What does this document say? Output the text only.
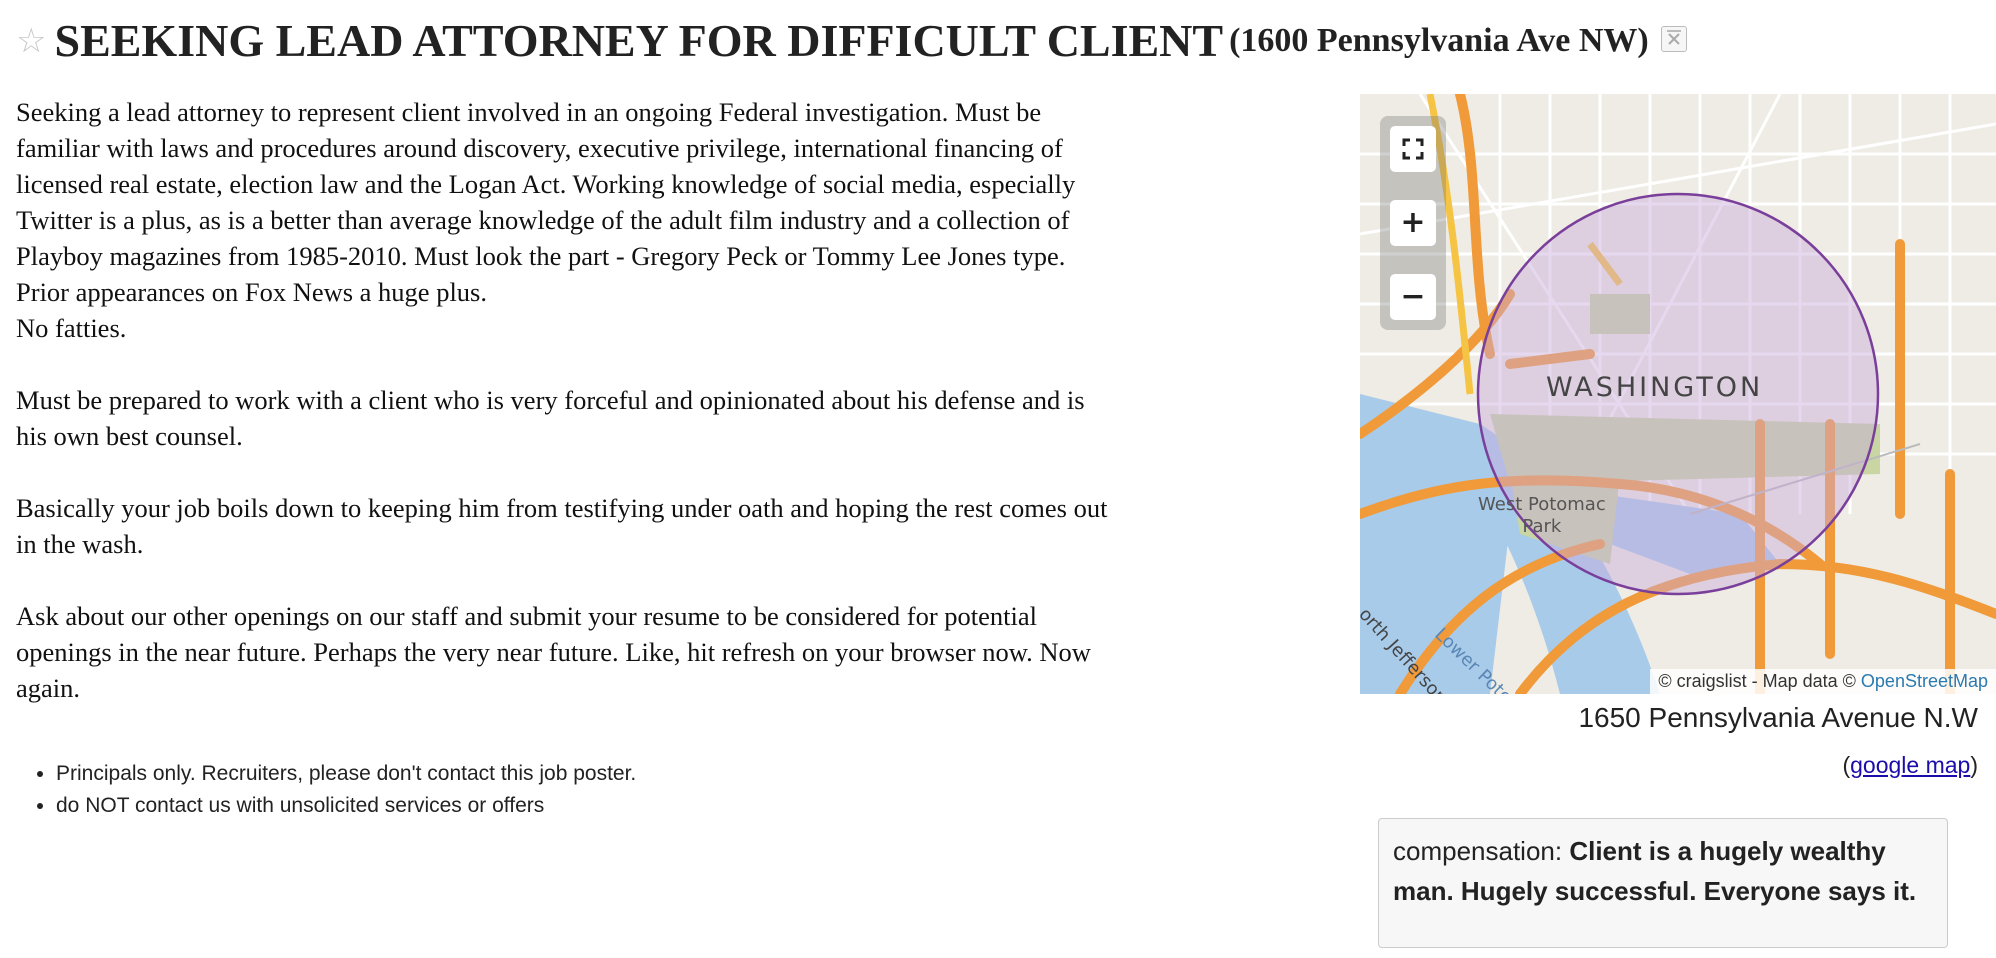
☆ SEEKING LEAD ATTORNEY FOR DIFFICULT CLIENT (1600 Pennsylvania Ave NW)

Seeking a lead attorney to represent client involved in an ongoing Federal investigation. Must be
familiar with laws and procedures around discovery, executive privilege, international financing of
licensed real estate, election law and the Logan Act. Working knowledge of social media, especially
Twitter is a plus, as is a better than average knowledge of the adult film industry and a collection of
Playboy magazines from 1985-2010. Must look the part - Gregory Peck or Tommy Lee Jones type.
Prior appearances on Fox News a huge plus.
No fatties.

Must be prepared to work with a client who is very forceful and opinionated about his defense and is
his own best counsel.

Basically your job boils down to keeping him from testifying under oath and hoping the rest comes out
in the wash.

Ask about our other openings on our staff and submit your resume to be considered for potential
openings in the near future. Perhaps the very near future. Like, hit refresh on your browser now. Now
again.

• Principals only. Recruiters, please don't contact this job poster.
• do NOT contact us with unsolicited services or offers
+
−
WASHINGTON
West Potomac
Park
© craigslist - Map data © OpenStreetMap
1650 Pennsylvania Avenue N.W
(google map)
compensation: Client is a hugely wealthy man. Hugely successful. Everyone says it.
